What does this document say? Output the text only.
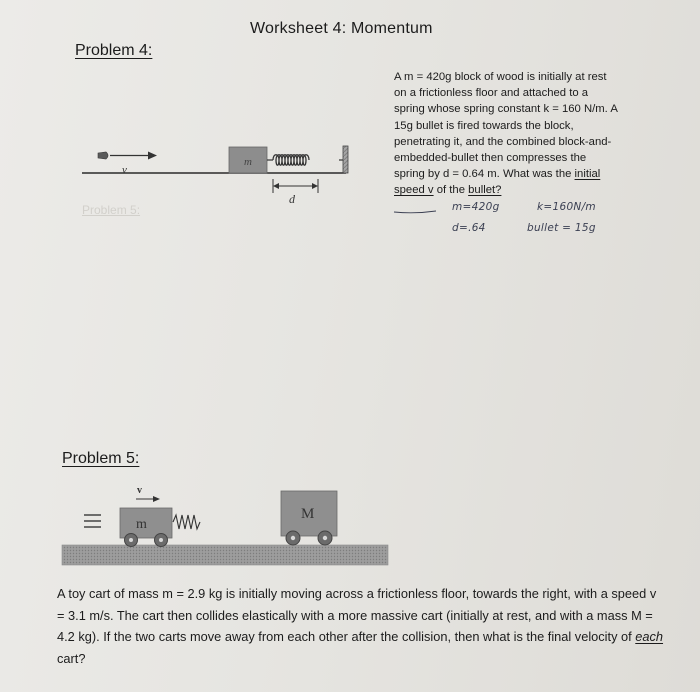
Worksheet 4: Momentum
Problem 4:
Problem 5:
A m = 420g block of wood is initially at rest on a frictionless floor and attached to a spring whose spring constant k = 160 N/m. A 15g bullet is fired towards the block, penetrating it, and the combined block-and-embedded-bullet then compresses the spring by d = 0.64 m. What was the initial speed v of the bullet?
m=420g	k=160N/m
d=.64	bullet = 15g
v
m
d
v
m
M
Problem 5:
A toy cart of mass m = 2.9 kg is initially moving across a frictionless floor, towards the right, with a speed v = 3.1 m/s. The cart then collides elastically with a more massive cart (initially at rest, and with a mass M = 4.2 kg). If the two carts move away from each other after the collision, then what is the final velocity of each cart?
